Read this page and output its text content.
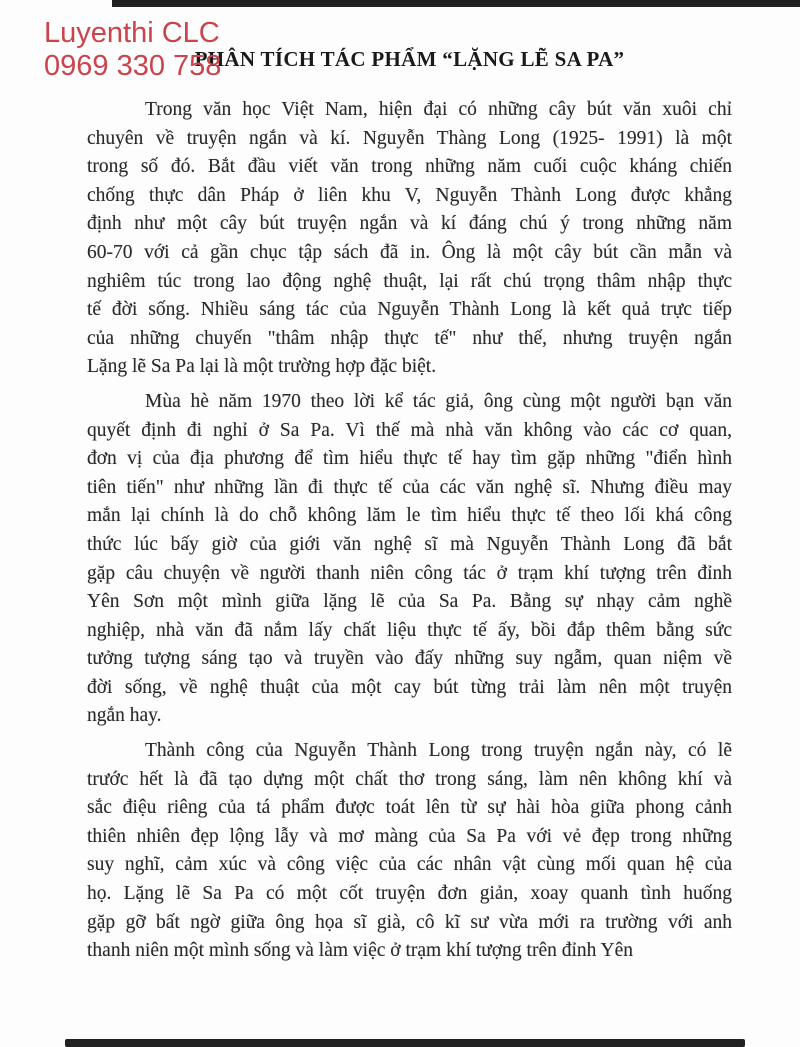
Luyenthi CLC
0969 330 758
PHÂN TÍCH TÁC PHẨM “LẶNG LẼ SA PA”
Trong văn học Việt Nam, hiện đại có những cây bút văn xuôi chỉ
chuyên về truyện ngắn và kí. Nguyễn Thàng Long (1925- 1991) là một
trong số đó. Bắt đầu viết văn trong những năm cuối cuộc kháng chiến
chống thực dân Pháp ở liên khu V, Nguyễn Thành Long được khẳng
định như một cây bút truyện ngắn và kí đáng chú ý trong những năm
60-70 với cả gần chục tập sách đã in. Ông là một cây bút cần mẫn và
nghiêm túc trong lao động nghệ thuật, lại rất chú trọng thâm nhập thực
tế đời sống. Nhiều sáng tác của Nguyễn Thành Long là kết quả trực tiếp
của những chuyến "thâm nhập thực tế" như thế, nhưng truyện ngắn
Lặng lẽ Sa Pa lại là một trường hợp đặc biệt.
Mùa hè năm 1970 theo lời kể tác giả, ông cùng một người bạn văn
quyết định đi nghỉ ở Sa Pa. Vì thế mà nhà văn không vào các cơ quan,
đơn vị của địa phương để tìm hiểu thực tế hay tìm gặp những "điển hình
tiên tiến" như những lần đi thực tế của các văn nghệ sĩ. Nhưng điều may
mắn lại chính là do chỗ không lăm le tìm hiểu thực tế theo lối khá công
thức lúc bấy giờ của giới văn nghệ sĩ mà Nguyễn Thành Long đã bắt
gặp câu chuyện về người thanh niên công tác ở trạm khí tượng trên đỉnh
Yên Sơn một mình giữa lặng lẽ của Sa Pa. Bằng sự nhạy cảm nghề
nghiệp, nhà văn đã nắm lấy chất liệu thực tế ấy, bồi đắp thêm bằng sức
tưởng tượng sáng tạo và truyền vào đấy những suy ngẫm, quan niệm về
đời sống, về nghệ thuật của một cay bút từng trải làm nên một truyện
ngắn hay.
Thành công của Nguyễn Thành Long trong truyện ngắn này, có lẽ
trước hết là đã tạo dựng một chất thơ trong sáng, làm nên không khí và
sắc điệu riêng của tá phẩm được toát lên từ sự hài hòa giữa phong cảnh
thiên nhiên đẹp lộng lẫy và mơ màng của Sa Pa với vẻ đẹp trong những
suy nghĩ, cảm xúc và công việc của các nhân vật cùng mối quan hệ của
họ. Lặng lẽ Sa Pa có một cốt truyện đơn giản, xoay quanh tình huống
gặp gỡ bất ngờ giữa ông họa sĩ già, cô kĩ sư vừa mới ra trường với anh
thanh niên một mình sống và làm việc ở trạm khí tượng trên đỉnh Yên
